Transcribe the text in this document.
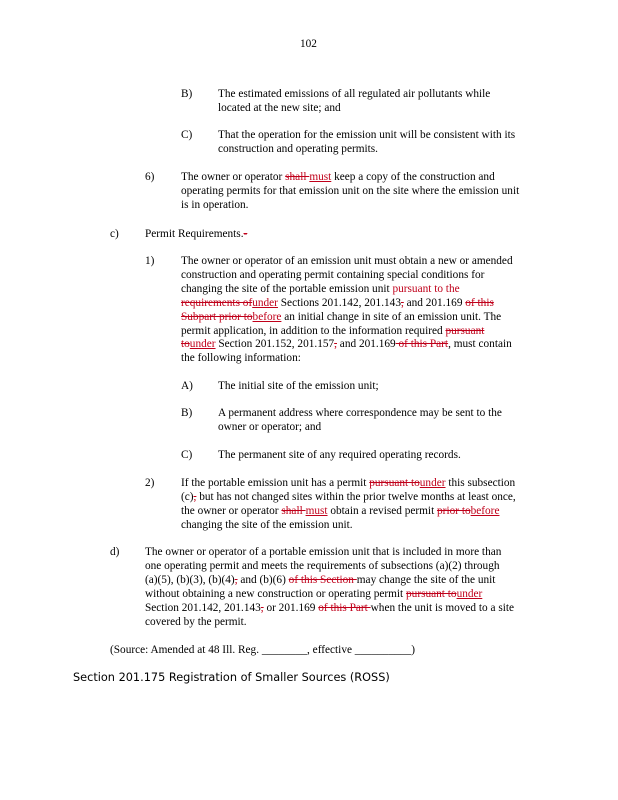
102
B) The estimated emissions of all regulated air pollutants while
located at the new site; and
C) That the operation for the emission unit will be consistent with its
construction and operating permits.
6) The owner or operator shall must keep a copy of the construction and
operating permits for that emission unit on the site where the emission unit
is in operation.
c) Permit Requirements.-
1) The owner or operator of an emission unit must obtain a new or amended
construction and operating permit containing special conditions for
changing the site of the portable emission unit pursuant to the
requirements ofunder Sections 201.142, 201.143, and 201.169 of this
Subpart prior tobefore an initial change in site of an emission unit. The
permit application, in addition to the information required pursuant
tounder Section 201.152, 201.157, and 201.169 of this Part, must contain
the following information:
A) The initial site of the emission unit;
B) A permanent address where correspondence may be sent to the
owner or operator; and
C) The permanent site of any required operating records.
2) If the portable emission unit has a permit pursuant tounder this subsection
(c), but has not changed sites within the prior twelve months at least once,
the owner or operator shall must obtain a revised permit prior tobefore
changing the site of the emission unit.
d) The owner or operator of a portable emission unit that is included in more than
one operating permit and meets the requirements of subsections (a)(2) through
(a)(5), (b)(3), (b)(4), and (b)(6) of this Section may change the site of the unit
without obtaining a new construction or operating permit pursuant tounder
Section 201.142, 201.143, or 201.169 of this Part when the unit is moved to a site
covered by the permit.
(Source: Amended at 48 Ill. Reg. ________, effective __________)
Section 201.175 Registration of Smaller Sources (ROSS)
